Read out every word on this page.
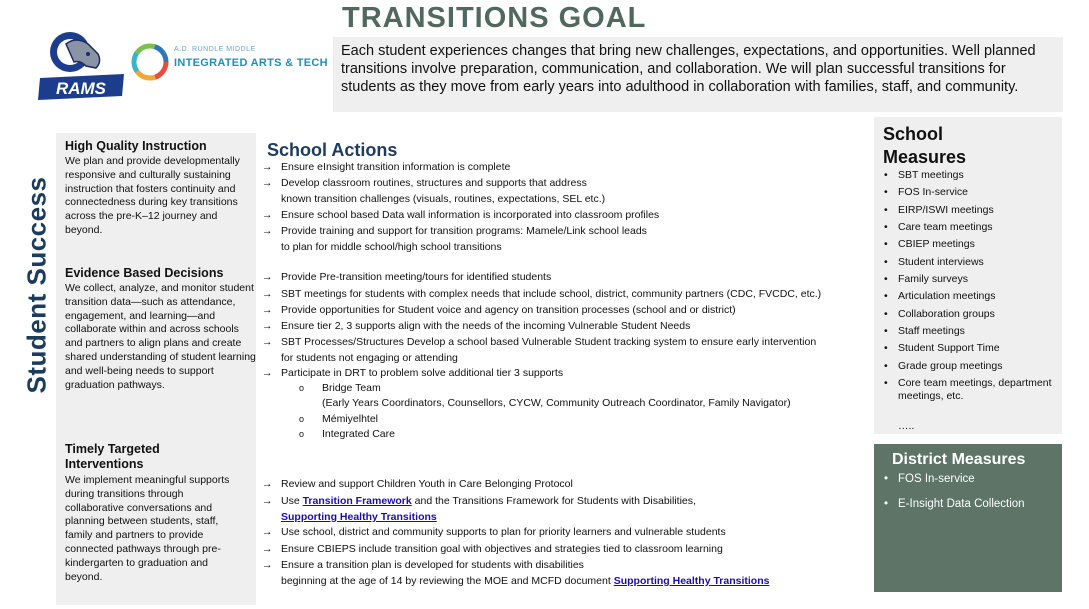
RAMS
A.D. RUNDLE MIDDLE
INTEGRATED ARTS & TECH
TRANSITIONS GOAL
Each student experiences changes that bring new challenges, expectations, and opportunities. Well planned transitions involve preparation, communication, and collaboration. We will plan successful transitions for students as they move from early years into adulthood in collaboration with families, staff, and community.
Student Success
High Quality Instruction

We plan and provide developmentally responsive and culturally sustaining instruction that fosters continuity and connectedness during key transitions across the pre-K–12 journey and beyond.

Evidence Based Decisions

We collect, analyze, and monitor student transition data—such as attendance, engagement, and learning—and collaborate within and across schools and partners to align plans and create shared understanding of student learning and well-being needs to support graduation pathways.

Timely Targeted Interventions

We implement meaningful supports during transitions through collaborative conversations and planning between students, staff, family and partners to provide connected pathways through pre-kindergarten to graduation and beyond.

School Actions
→ Ensure eInsight transition information is complete
→ Develop classroom routines, structures and supports that address
known transition challenges (visuals, routines, expectations, SEL etc.)
→ Ensure school based Data wall information is incorporated into classroom profiles
→ Provide training and support for transition programs: Mamele/Link school leads
to plan for middle school/high school transitions
→ Provide Pre-transition meeting/tours for identified students
→ SBT meetings for students with complex needs that include school, district, community partners (CDC, FVCDC, etc.)
→ Provide opportunities for Student voice and agency on transition processes (school and or district)
→ Ensure tier 2, 3 supports align with the needs of the incoming Vulnerable Student Needs
→ SBT Processes/Structures Develop a school based Vulnerable Student tracking system to ensure early intervention
for students not engaging or attending
→ Participate in DRT to problem solve additional tier 3 supports
o Bridge Team
(Early Years Coordinators, Counsellors, CYCW, Community Outreach Coordinator, Family Navigator)
o Mémiyelhtel
o Integrated Care
→ Review and support Children Youth in Care Belonging Protocol
→ Use Transition Framework and the Transitions Framework for Students with Disabilities,
Supporting Healthy Transitions
→ Use school, district and community supports to plan for priority learners and vulnerable students
→ Ensure CBIEPS include transition goal with objectives and strategies tied to classroom learning
→ Ensure a transition plan is developed for students with disabilities
beginning at the age of 14 by reviewing the MOE and MCFD document Supporting Healthy Transitions
School
Measures
• SBT meetings
• FOS In-service
• EIRP/ISWI meetings
• Care team meetings
• CBIEP meetings
• Student interviews
• Family surveys
• Articulation meetings
• Collaboration groups
• Staff meetings
• Student Support Time
• Grade group meetings
• Core team meetings, department meetings, etc.
…..
District Measures
• FOS In-service
• E-Insight Data Collection
